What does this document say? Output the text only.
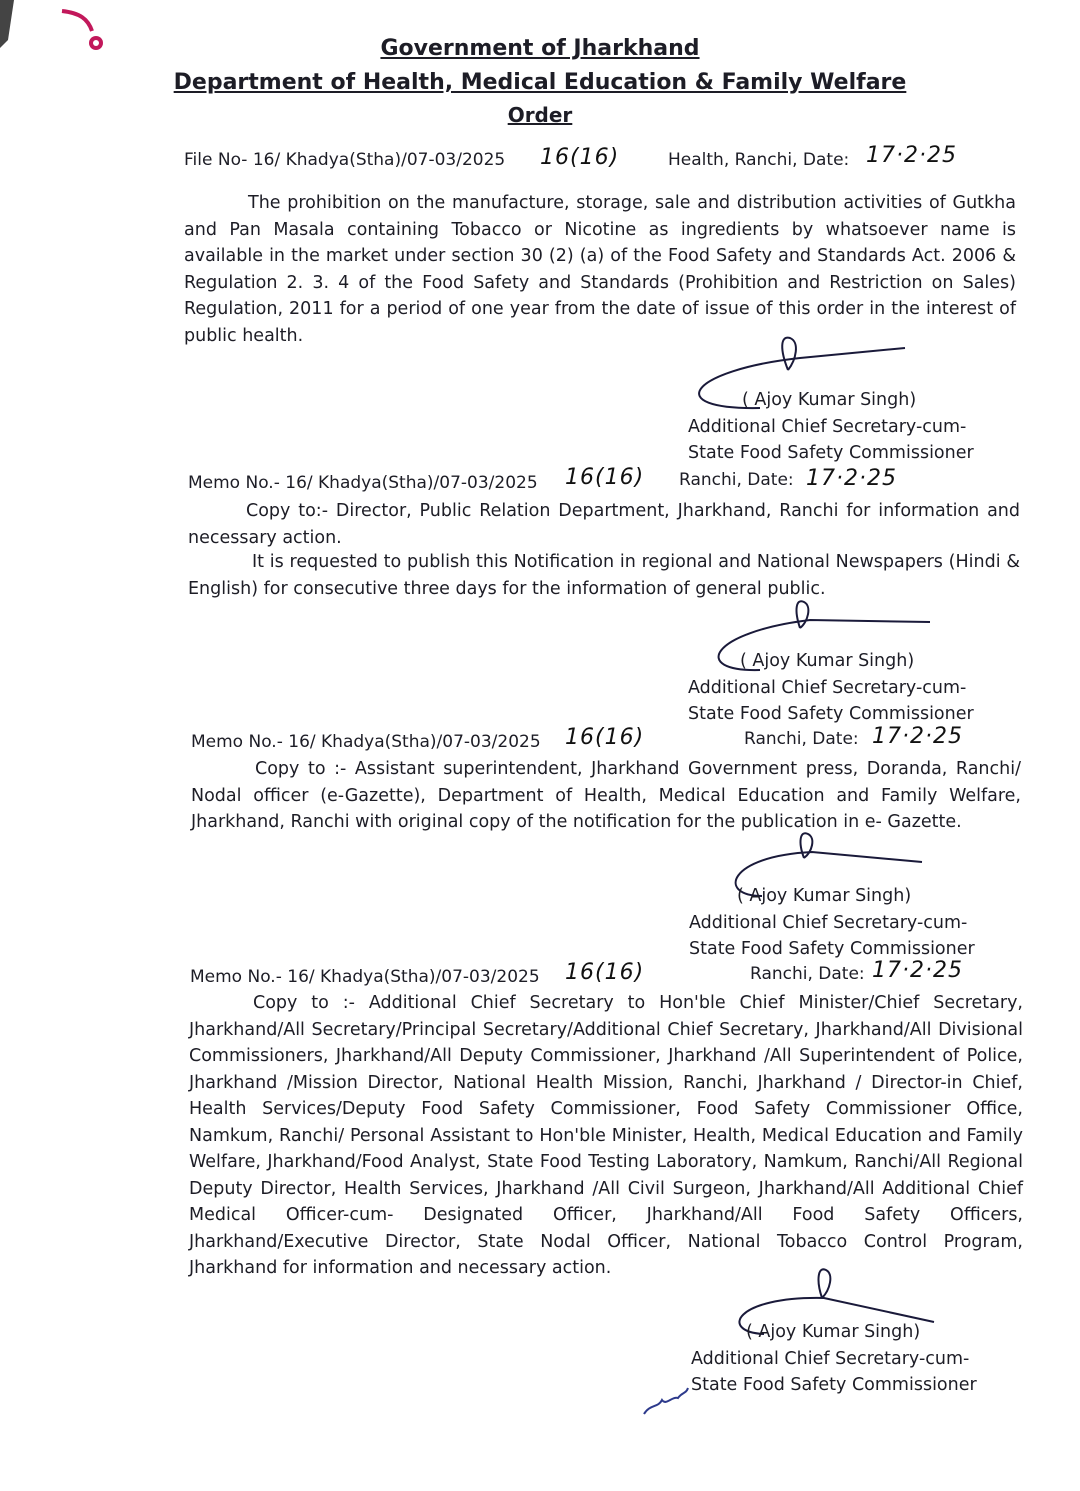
Government of Jharkhand

Department of Health, Medical Education & Family Welfare

Order

File No- 16/ Khadya(Stha)/07-03/2025 16(16)	Health, Ranchi, Date: 17·2·25

The prohibition on the manufacture, storage, sale and distribution activities of Gutkha and Pan Masala containing Tobacco or Nicotine as ingredients by whatsoever name is available in the market under section 30 (2) (a) of the Food Safety and Standards Act. 2006 & Regulation 2. 3. 4 of the Food Safety and Standards (Prohibition and Restriction on Sales) Regulation, 2011 for a period of one year from the date of issue of this order in the interest of public health.

( Ajoy Kumar Singh)
Additional Chief Secretary-cum-
State Food Safety Commissioner
Memo No.- 16/ Khadya(Stha)/07-03/2025 16(16) Ranchi, Date: 17·2·25

Copy to:- Director, Public Relation Department, Jharkhand, Ranchi for information and necessary action.

It is requested to publish this Notification in regional and National Newspapers (Hindi & English) for consecutive three days for the information of general public.

( Ajoy Kumar Singh)
Additional Chief Secretary-cum-
State Food Safety Commissioner
Memo No.- 16/ Khadya(Stha)/07-03/2025 16(16)	Ranchi, Date: 17·2·25

Copy to :- Assistant superintendent, Jharkhand Government press, Doranda, Ranchi/ Nodal officer (e-Gazette), Department of Health, Medical Education and Family Welfare, Jharkhand, Ranchi with original copy of the notification for the publication in e- Gazette.

( Ajoy Kumar Singh)
Additional Chief Secretary-cum-
State Food Safety Commissioner
Memo No.- 16/ Khadya(Stha)/07-03/2025 16(16)	Ranchi, Date: 17·2·25

Copy to :- Additional Chief Secretary to Hon'ble Chief Minister/Chief Secretary, Jharkhand/All Secretary/Principal Secretary/Additional Chief Secretary, Jharkhand/All Divisional Commissioners, Jharkhand/All Deputy Commissioner, Jharkhand /All Superintendent of Police, Jharkhand /Mission Director, National Health Mission, Ranchi, Jharkhand / Director-in Chief, Health Services/Deputy Food Safety Commissioner, Food Safety Commissioner Office, Namkum, Ranchi/ Personal Assistant to Hon'ble Minister, Health, Medical Education and Family Welfare, Jharkhand/Food Analyst, State Food Testing Laboratory, Namkum, Ranchi/All Regional Deputy Director, Health Services, Jharkhand /All Civil Surgeon, Jharkhand/All Additional Chief Medical Officer-cum- Designated Officer, Jharkhand/All Food Safety Officers, Jharkhand/Executive Director, State Nodal Officer, National Tobacco Control Program, Jharkhand for information and necessary action.

( Ajoy Kumar Singh)
Additional Chief Secretary-cum-
State Food Safety Commissioner
